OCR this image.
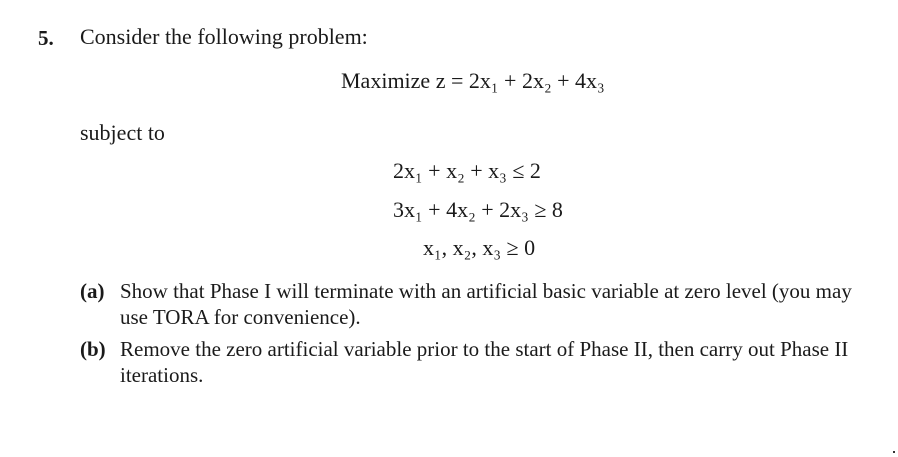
5. Consider the following problem:
Maximize z = 2x₁ + 2x₂ + 4x₃
subject to
2x₁ + x₂ + x₃ ≤ 2
3x₁ + 4x₂ + 2x₃ ≥ 8
x₁, x₂, x₃ ≥ 0
(a) Show that Phase I will terminate with an artificial basic variable at zero level (you may use TORA for convenience).
(b) Remove the zero artificial variable prior to the start of Phase II, then carry out Phase II iterations.
